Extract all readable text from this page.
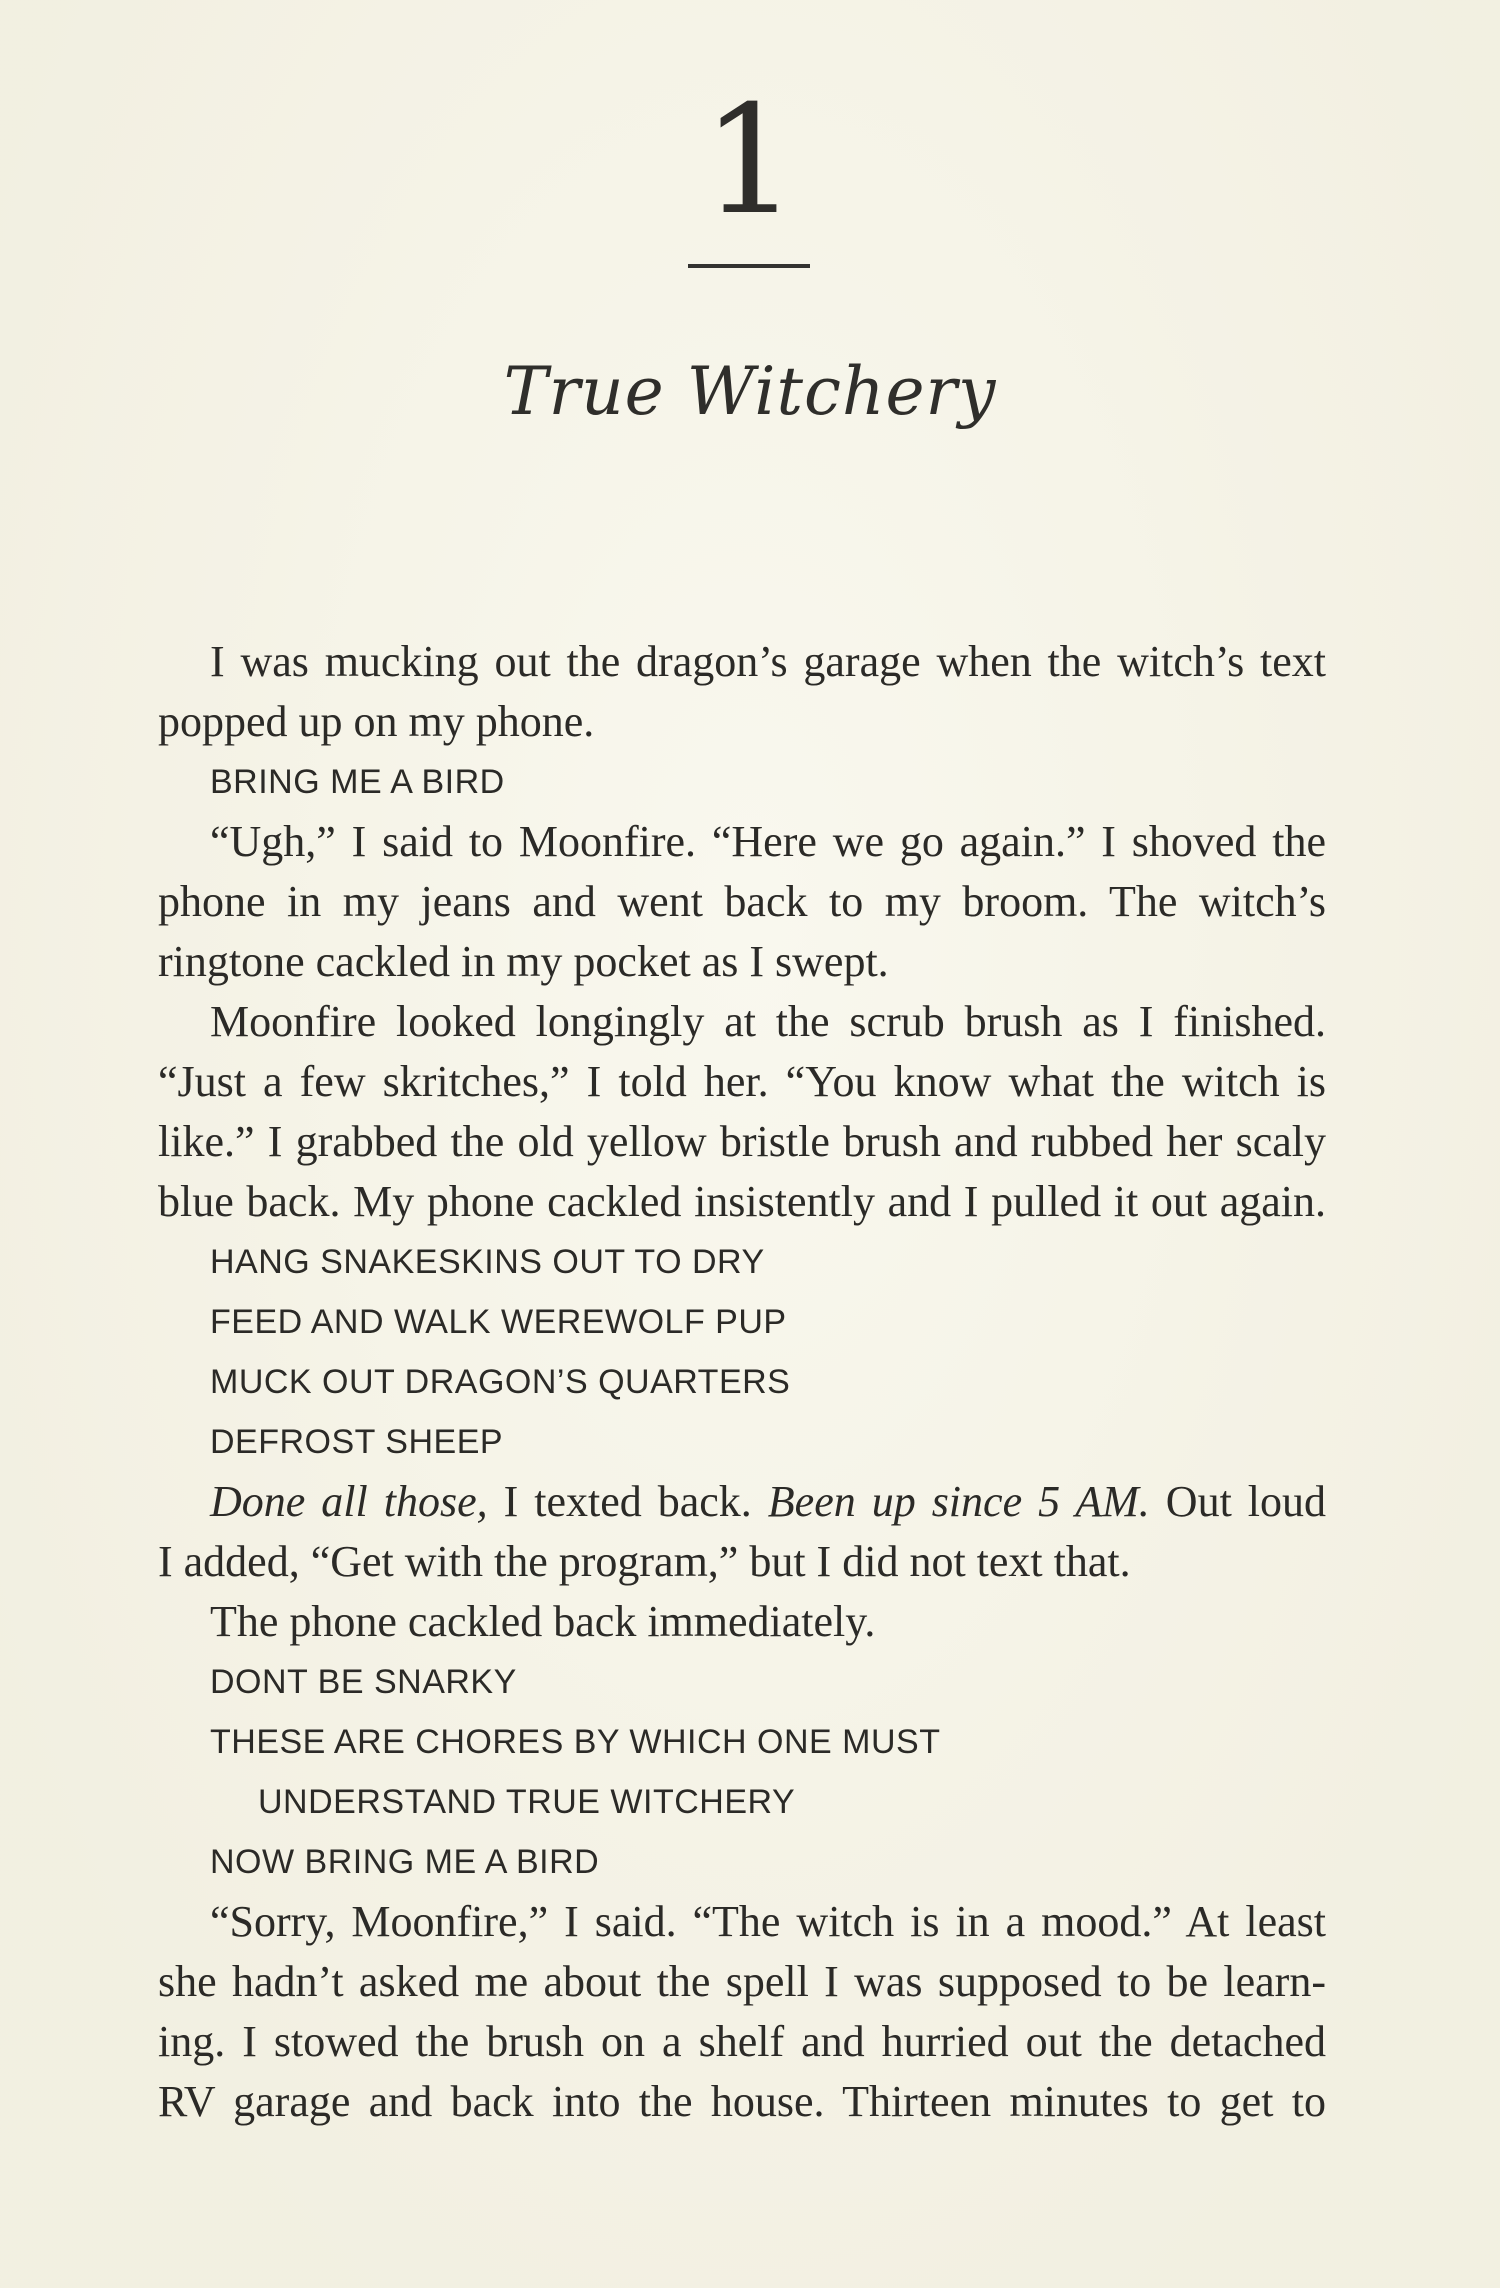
1
True Witchery
I was mucking out the dragon’s garage when the witch’s text
popped up on my phone.
BRING ME A BIRD
“Ugh,” I said to Moonfire. “Here we go again.” I shoved the
phone in my jeans and went back to my broom. The witch’s
ringtone cackled in my pocket as I swept.
Moonfire looked longingly at the scrub brush as I finished.
“Just a few skritches,” I told her. “You know what the witch is
like.” I grabbed the old yellow bristle brush and rubbed her scaly
blue back. My phone cackled insistently and I pulled it out again.
HANG SNAKESKINS OUT TO DRY
FEED AND WALK WEREWOLF PUP
MUCK OUT DRAGON’S QUARTERS
DEFROST SHEEP
Done all those, I texted back. Been up since 5 AM. Out loud
I added, “Get with the program,” but I did not text that.
The phone cackled back immediately.
DONT BE SNARKY
THESE ARE CHORES BY WHICH ONE MUST
UNDERSTAND TRUE WITCHERY
NOW BRING ME A BIRD
“Sorry, Moonfire,” I said. “The witch is in a mood.” At least
she hadn’t asked me about the spell I was supposed to be learn-
ing. I stowed the brush on a shelf and hurried out the detached
RV garage and back into the house. Thirteen minutes to get to
